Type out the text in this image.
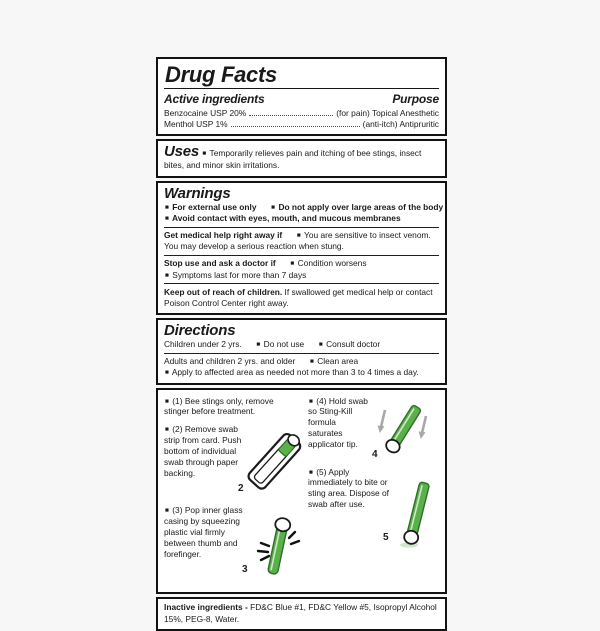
Drug Facts
Active ingredients	Purpose
Benzocaine USP 20%	(for pain) Topical Anesthetic
Menthol USP 1%	(anti-itch) Antipruritic
Uses ■ Temporarily relieves pain and itching of bee stings, insect bites, and minor skin irritations.
Warnings
■ For external use only ■ Do not apply over large areas of the body
■ Avoid contact with eyes, mouth, and mucous membranes
Get medical help right away if ■ You are sensitive to insect venom. You may develop a serious reaction when stung.
Stop use and ask a doctor if ■ Condition worsens
■ Symptoms last for more than 7 days
Keep out of reach of children. If swallowed get medical help or contact Poison Control Center right away.
Directions
Children under 2 yrs. ■ Do not use ■ Consult doctor
Adults and children 2 yrs. and older ■ Clean area
■ Apply to affected area as needed not more than 3 to 4 times a day.
■ (1) Bee stings only, remove stinger before treatment.
■ (2) Remove swab strip from card. Push bottom of individual swab through paper backing.
2
■ (3) Pop inner glass casing by squeezing plastic vial firmly between thumb and forefinger.
3
■ (4) Hold swab so Sting-Kill formula saturates applicator tip.
4
5
■ (5) Apply immediately to bite or sting area. Dispose of swab after use.
Inactive ingredients - FD&C Blue #1, FD&C Yellow #5, Isopropyl Alcohol 15%, PEG-8, Water.
